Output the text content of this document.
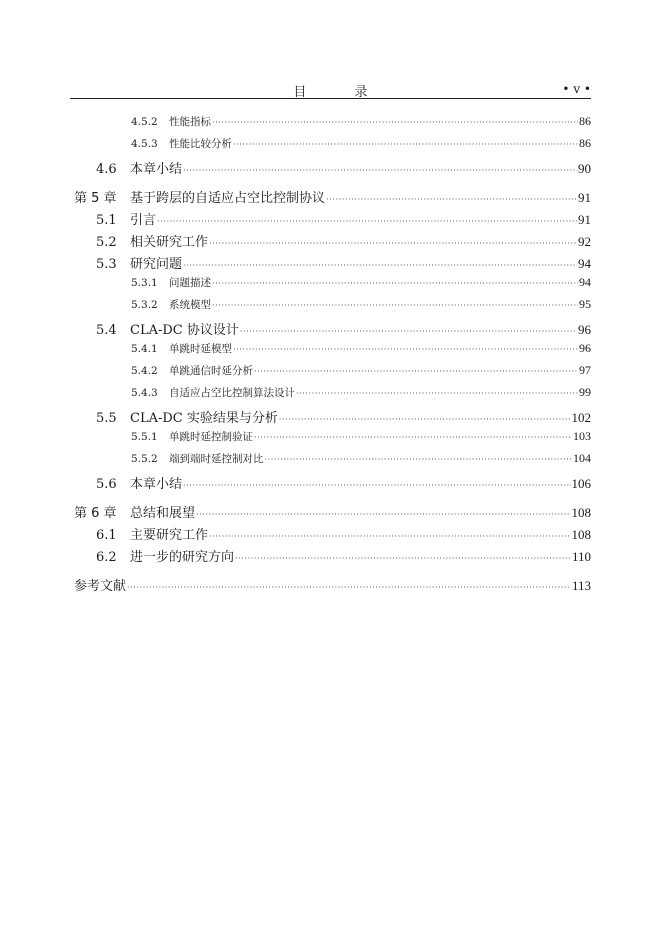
目 录	• v •
4.5.2	性能指标 ·····	86
4.5.3	性能比较分析 ·····	86
4.6	本章小结 ·····	90
第 5 章	基于跨层的自适应占空比控制协议 ·····	91
5.1	引言 ·····	91
5.2	相关研究工作 ·····	92
5.3	研究问题 ·····	94
5.3.1	问题描述 ·····	94
5.3.2	系统模型 ·····	95
5.4	CLA-DC 协议设计 ·····	96
5.4.1	单跳时延模型 ·····	96
5.4.2	单跳通信时延分析 ·····	97
5.4.3	自适应占空比控制算法设计 ·····	99
5.5	CLA-DC 实验结果与分析 ·····	102
5.5.1	单跳时延控制验证 ·····	103
5.5.2	端到端时延控制对比 ·····	104
5.6	本章小结 ·····	106
第 6 章	总结和展望 ·····	108
6.1	主要研究工作 ·····	108
6.2	进一步的研究方向 ·····	110
参考文献 ·····	113
